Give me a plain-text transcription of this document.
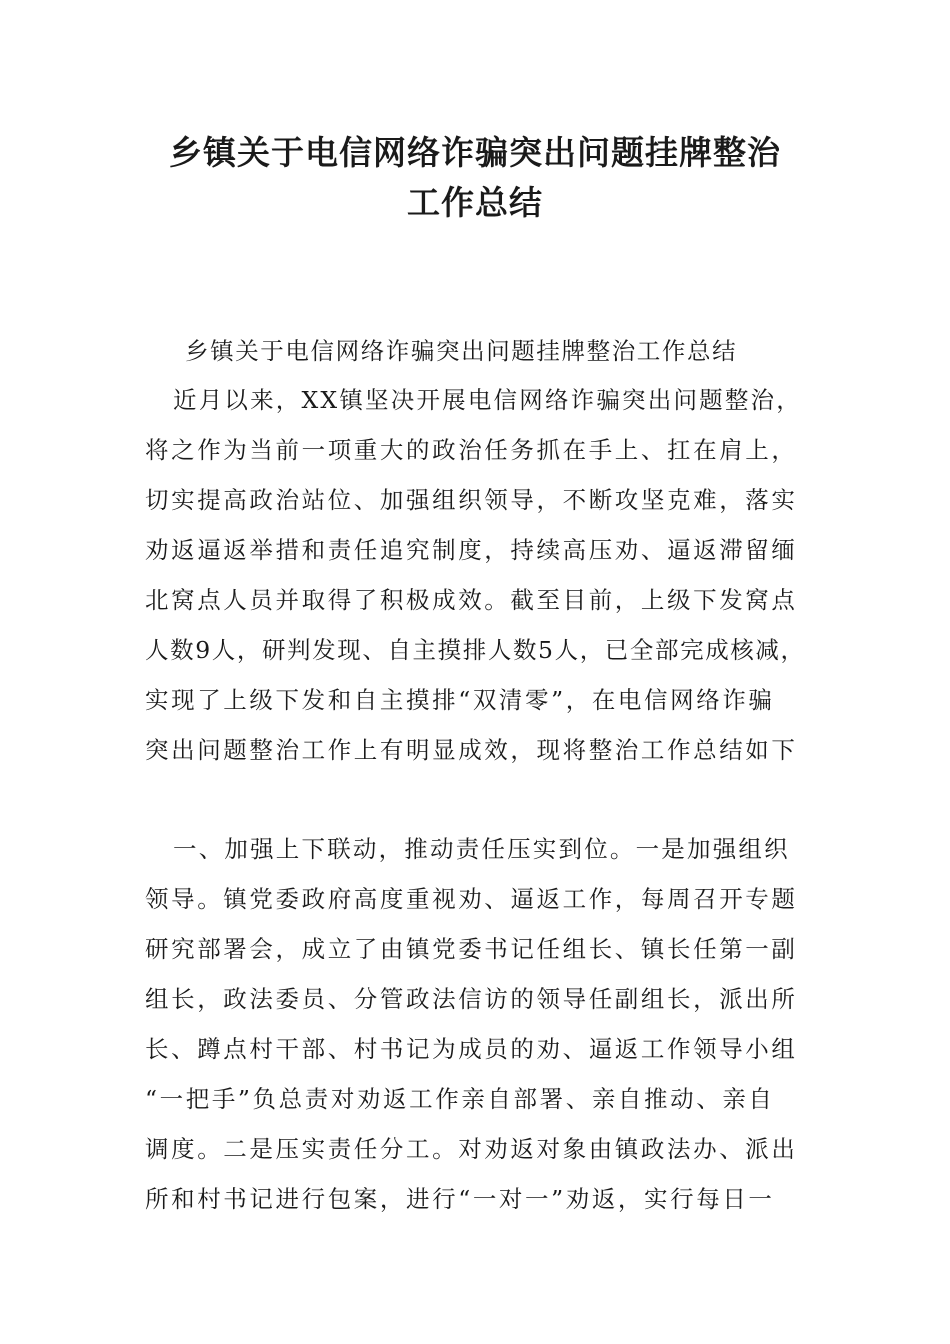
乡镇关于电信网络诈骗突出问题挂牌整治
工作总结
乡镇关于电信网络诈骗突出问题挂牌整治工作总结
近月以来，XX镇坚决开展电信网络诈骗突出问题整治，
将之作为当前一项重大的政治任务抓在手上、扛在肩上，
切实提高政治站位、加强组织领导，不断攻坚克难，落实
劝返逼返举措和责任追究制度，持续高压劝、逼返滞留缅
北窝点人员并取得了积极成效。截至目前，上级下发窝点
人数9人，研判发现、自主摸排人数5人，已全部完成核减，
实现了上级下发和自主摸排“双清零”，在电信网络诈骗
突出问题整治工作上有明显成效，现将整治工作总结如下
一、加强上下联动，推动责任压实到位。一是加强组织
领导。镇党委政府高度重视劝、逼返工作，每周召开专题
研究部署会，成立了由镇党委书记任组长、镇长任第一副
组长，政法委员、分管政法信访的领导任副组长，派出所
长、蹲点村干部、村书记为成员的劝、逼返工作领导小组
“一把手”负总责对劝返工作亲自部署、亲自推动、亲自
调度。二是压实责任分工。对劝返对象由镇政法办、派出
所和村书记进行包案，进行“一对一”劝返，实行每日一
